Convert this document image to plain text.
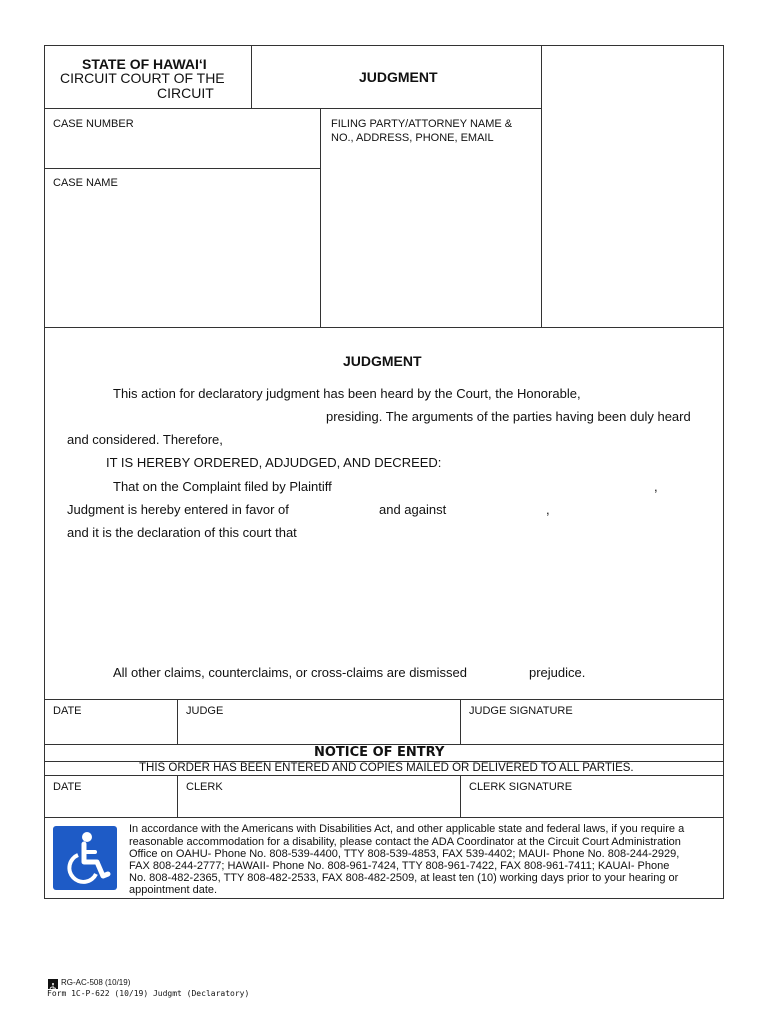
STATE OF HAWAI‘I
CIRCUIT COURT OF THE
CIRCUIT
JUDGMENT
CASE NUMBER	FILING PARTY/ATTORNEY NAME &
NO., ADDRESS, PHONE, EMAIL
CASE NAME
JUDGMENT
This action for declaratory judgment has been heard by the Court, the Honorable,
presiding. The arguments of the parties having been duly heard
and considered. Therefore,
IT IS HEREBY ORDERED, ADJUDGED, AND DECREED:
That on the Complaint filed by Plaintiff	,
Judgment is hereby entered in favor of	and against	,
and it is the declaration of this court that
All other claims, counterclaims, or cross-claims are dismissed	prejudice.
DATE	JUDGE	JUDGE SIGNATURE
NOTICE OF ENTRY
THIS ORDER HAS BEEN ENTERED AND COPIES MAILED OR DELIVERED TO ALL PARTIES.
DATE	CLERK	CLERK SIGNATURE
In accordance with the Americans with Disabilities Act, and other applicable state and federal laws, if you require a
reasonable accommodation for a disability, please contact the ADA Coordinator at the Circuit Court Administration
Office on OAHU- Phone No. 808-539-4400, TTY 808-539-4853, FAX 539-4402; MAUI- Phone No. 808-244-2929,
FAX 808-244-2777; HAWAII- Phone No. 808-961-7424, TTY 808-961-7422, FAX 808-961-7411; KAUAI- Phone
No. 808-482-2365, TTY 808-482-2533, FAX 808-482-2509, at least ten (10) working days prior to your hearing or
appointment date.
RG-AC-508 (10/19)
Form 1C-P-622 (10/19) Judgmt (Declaratory)
